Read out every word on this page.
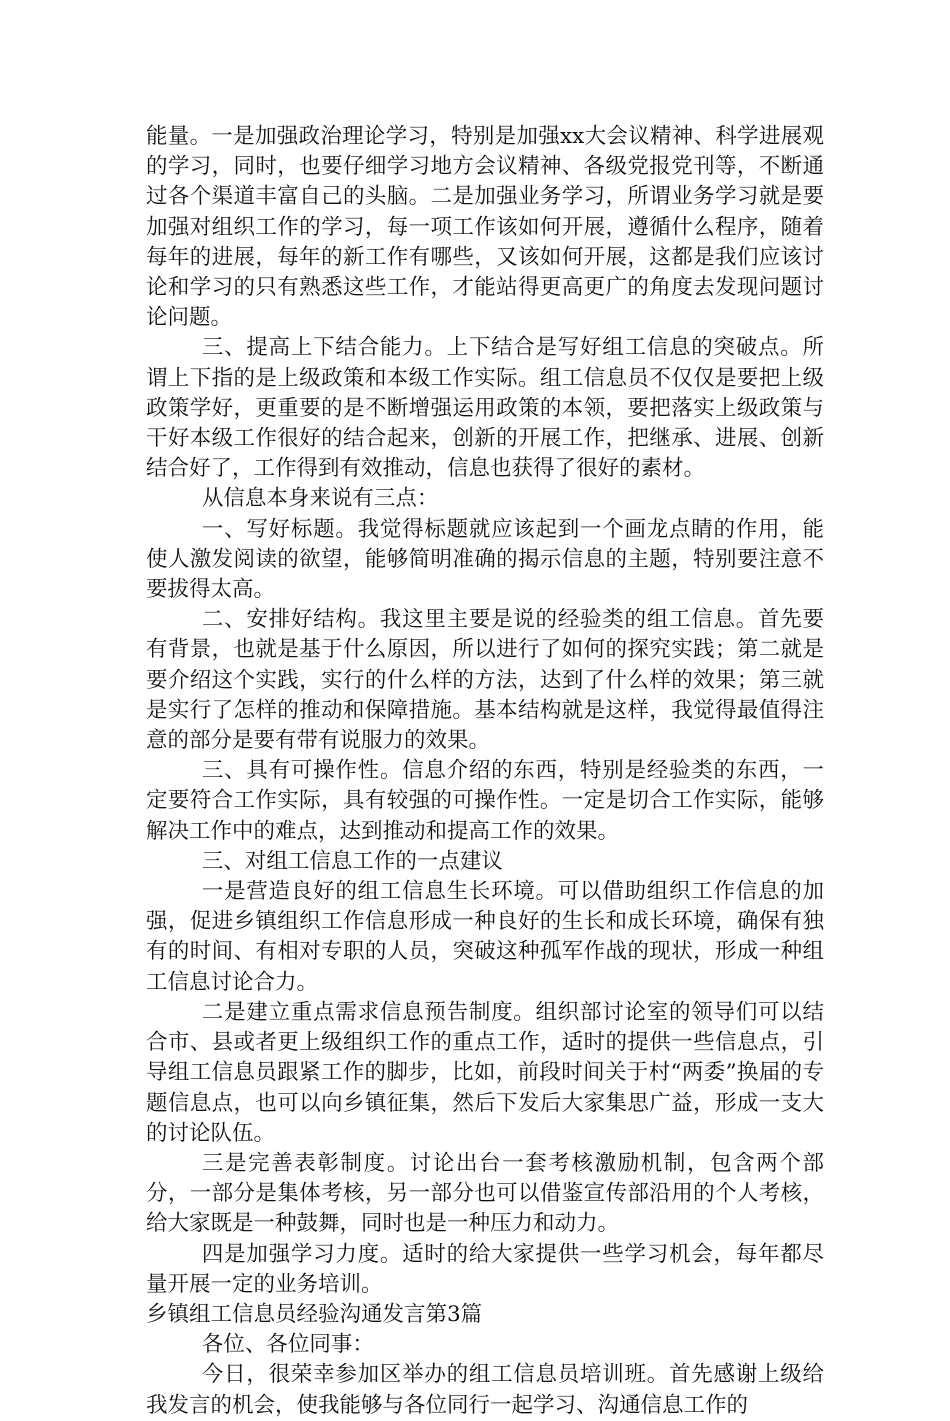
能量。一是加强政治理论学习，特别是加强xx大会议精神、科学进展观的学习，同时，也要仔细学习地方会议精神、各级党报党刊等，不断通过各个渠道丰富自己的头脑。二是加强业务学习，所谓业务学习就是要加强对组织工作的学习，每一项工作该如何开展，遵循什么程序，随着每年的进展，每年的新工作有哪些，又该如何开展，这都是我们应该讨论和学习的只有熟悉这些工作，才能站得更高更广的角度去发现问题讨论问题。

三、提高上下结合能力。上下结合是写好组工信息的突破点。所谓上下指的是上级政策和本级工作实际。组工信息员不仅仅是要把上级政策学好，更重要的是不断增强运用政策的本领，要把落实上级政策与干好本级工作很好的结合起来，创新的开展工作，把继承、进展、创新结合好了，工作得到有效推动，信息也获得了很好的素材。

从信息本身来说有三点：

一、写好标题。我觉得标题就应该起到一个画龙点睛的作用，能使人激发阅读的欲望，能够简明准确的揭示信息的主题，特别要注意不要拔得太高。

二、安排好结构。我这里主要是说的经验类的组工信息。首先要有背景，也就是基于什么原因，所以进行了如何的探究实践；第二就是要介绍这个实践，实行的什么样的方法，达到了什么样的效果；第三就是实行了怎样的推动和保障措施。基本结构就是这样，我觉得最值得注意的部分是要有带有说服力的效果。

三、具有可操作性。信息介绍的东西，特别是经验类的东西，一定要符合工作实际，具有较强的可操作性。一定是切合工作实际，能够解决工作中的难点，达到推动和提高工作的效果。

三、对组工信息工作的一点建议

一是营造良好的组工信息生长环境。可以借助组织工作信息的加强，促进乡镇组织工作信息形成一种良好的生长和成长环境，确保有独有的时间、有相对专职的人员，突破这种孤军作战的现状，形成一种组工信息讨论合力。

二是建立重点需求信息预告制度。组织部讨论室的领导们可以结合市、县或者更上级组织工作的重点工作，适时的提供一些信息点，引导组工信息员跟紧工作的脚步，比如，前段时间关于村“两委”换届的专题信息点，也可以向乡镇征集，然后下发后大家集思广益，形成一支大的讨论队伍。

三是完善表彰制度。讨论出台一套考核激励机制，包含两个部分，一部分是集体考核，另一部分也可以借鉴宣传部沿用的个人考核，给大家既是一种鼓舞，同时也是一种压力和动力。

四是加强学习力度。适时的给大家提供一些学习机会，每年都尽量开展一定的业务培训。

乡镇组工信息员经验沟通发言第3篇

各位、各位同事：

今日，很荣幸参加区举办的组工信息员培训班。首先感谢上级给我发言的机会，使我能够与各位同行一起学习、沟通信息工作的
